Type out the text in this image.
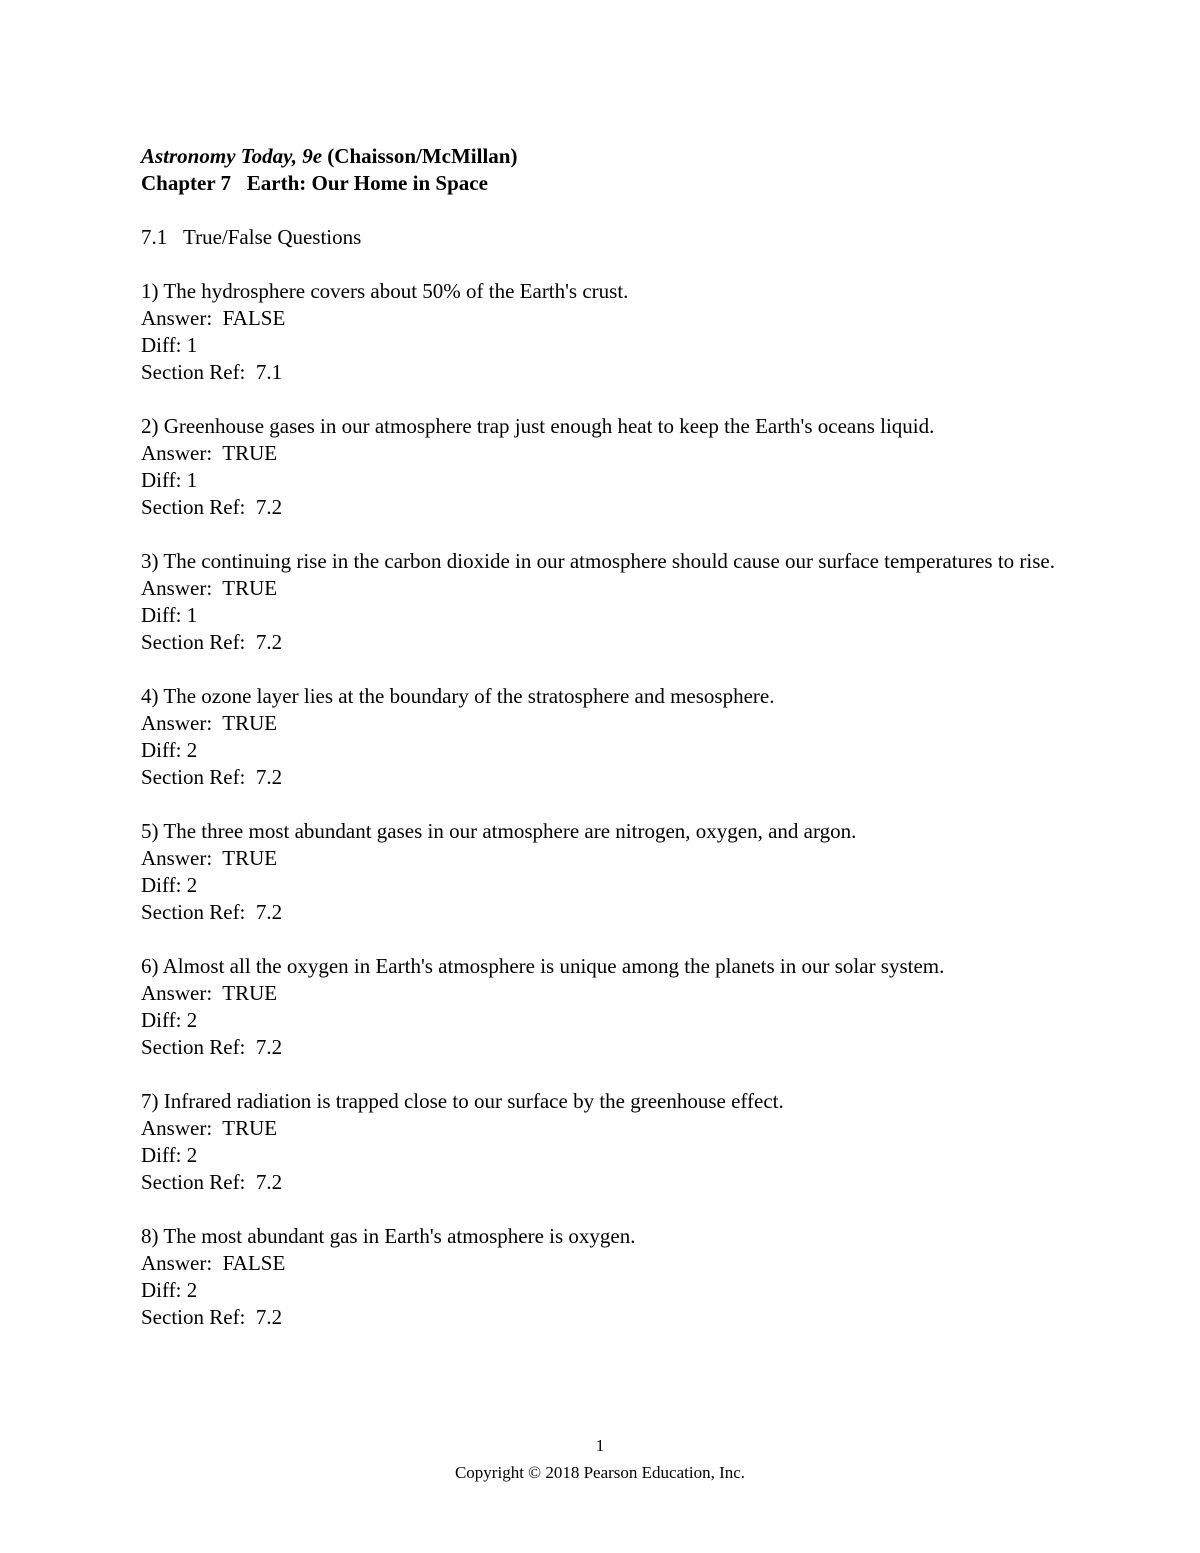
Astronomy Today, 9e (Chaisson/McMillan)
Chapter 7 Earth: Our Home in Space
7.1 True/False Questions
1) The hydrosphere covers about 50% of the Earth's crust.
Answer:  FALSE
Diff: 1
Section Ref:  7.1
2) Greenhouse gases in our atmosphere trap just enough heat to keep the Earth's oceans liquid.
Answer:  TRUE
Diff: 1
Section Ref:  7.2
3) The continuing rise in the carbon dioxide in our atmosphere should cause our surface temperatures to rise.
Answer:  TRUE
Diff: 1
Section Ref:  7.2
4) The ozone layer lies at the boundary of the stratosphere and mesosphere.
Answer:  TRUE
Diff: 2
Section Ref:  7.2
5) The three most abundant gases in our atmosphere are nitrogen, oxygen, and argon.
Answer:  TRUE
Diff: 2
Section Ref:  7.2
6) Almost all the oxygen in Earth's atmosphere is unique among the planets in our solar system.
Answer:  TRUE
Diff: 2
Section Ref:  7.2
7) Infrared radiation is trapped close to our surface by the greenhouse effect.
Answer:  TRUE
Diff: 2
Section Ref:  7.2
8) The most abundant gas in Earth's atmosphere is oxygen.
Answer:  FALSE
Diff: 2
Section Ref:  7.2
1
Copyright © 2018 Pearson Education, Inc.
